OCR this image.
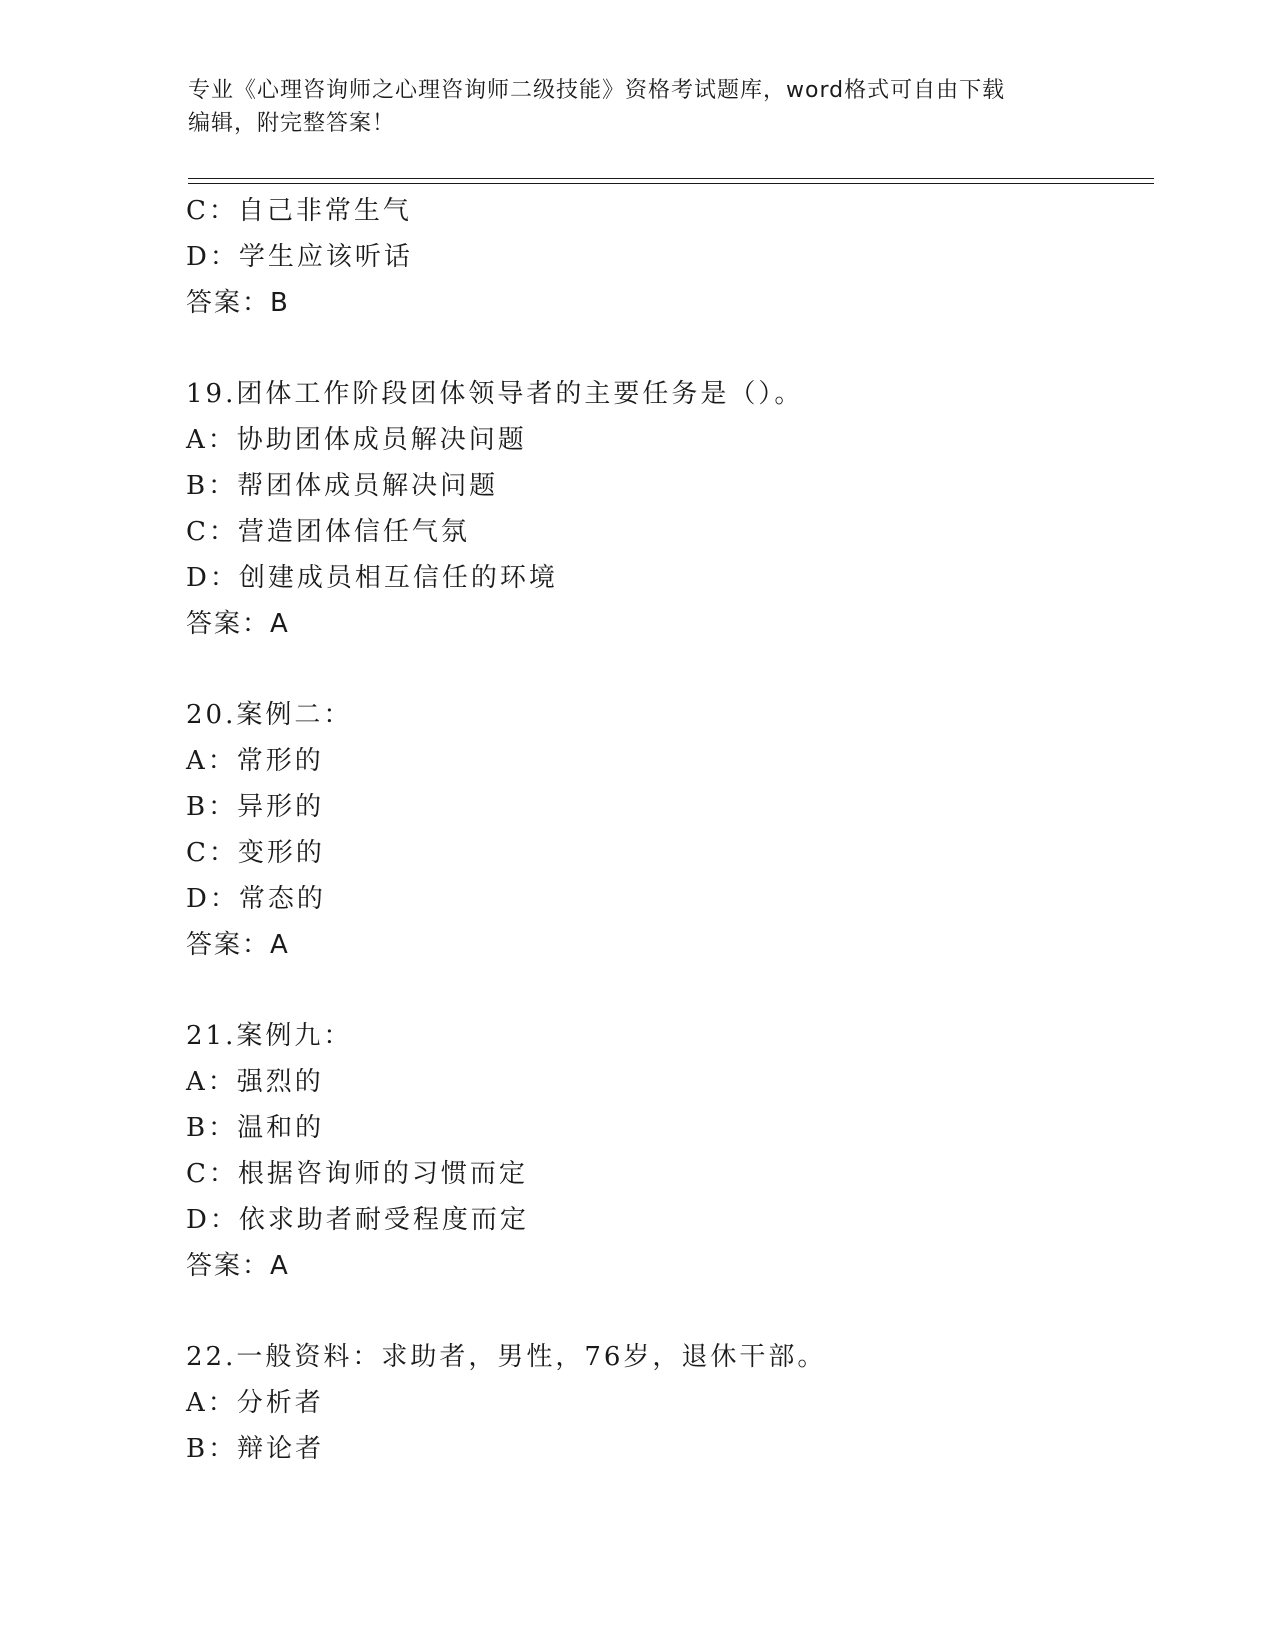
专业《心理咨询师之心理咨询师二级技能》资格考试题库，word格式可自由下载
编辑，附完整答案！
C：自己非常生气
D：学生应该听话
答案：B
19.团体工作阶段团体领导者的主要任务是（）。
A：协助团体成员解决问题
B：帮团体成员解决问题
C：营造团体信任气氛
D：创建成员相互信任的环境
答案：A
20.案例二：
A：常形的
B：异形的
C：变形的
D：常态的
答案：A
21.案例九：
A：强烈的
B：温和的
C：根据咨询师的习惯而定
D：依求助者耐受程度而定
答案：A
22.一般资料：求助者，男性，76岁，退休干部。
A：分析者
B：辩论者
